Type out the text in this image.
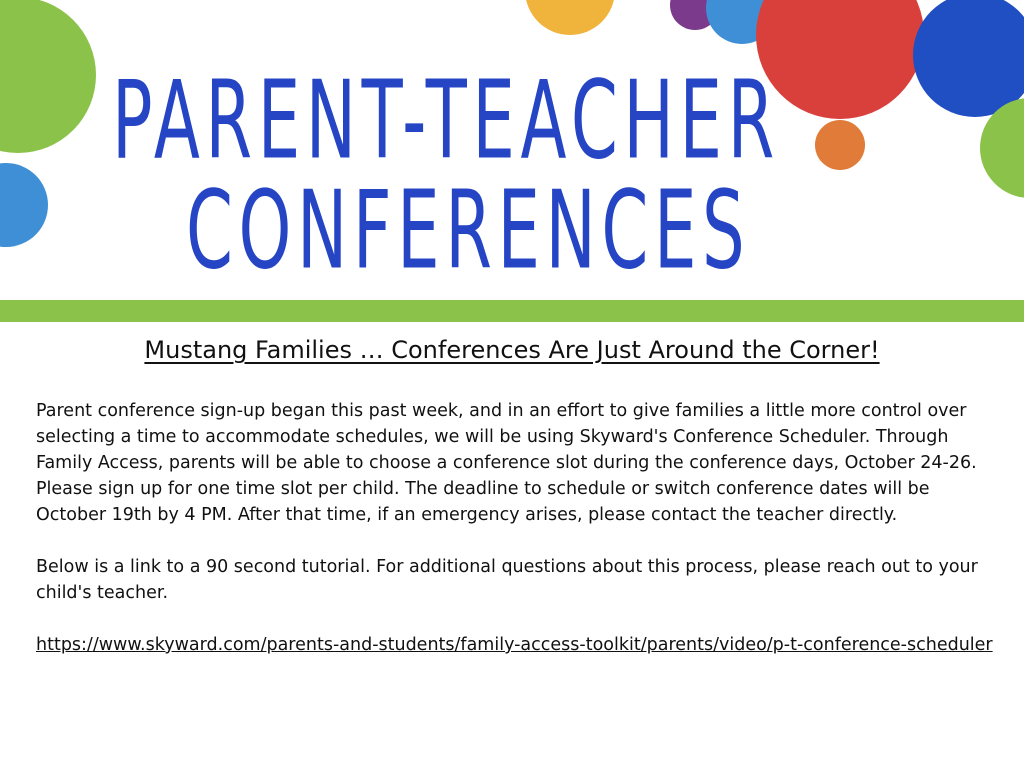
PARENT-TEACHER
CONFERENCES
Mustang Families … Conferences Are Just Around the Corner!

Parent conference sign-up began this past week, and in an effort to give families a little more control over selecting a time to accommodate schedules, we will be using Skyward's Conference Scheduler. Through Family Access, parents will be able to choose a conference slot during the conference days, October 24-26. Please sign up for one time slot per child. The deadline to schedule or switch conference dates will be October 19th by 4 PM. After that time, if an emergency arises, please contact the teacher directly.

Below is a link to a 90 second tutorial. For additional questions about this process, please reach out to your child's teacher.

https://www.skyward.com/parents-and-students/family-access-toolkit/parents/video/p-t-conference-scheduler
